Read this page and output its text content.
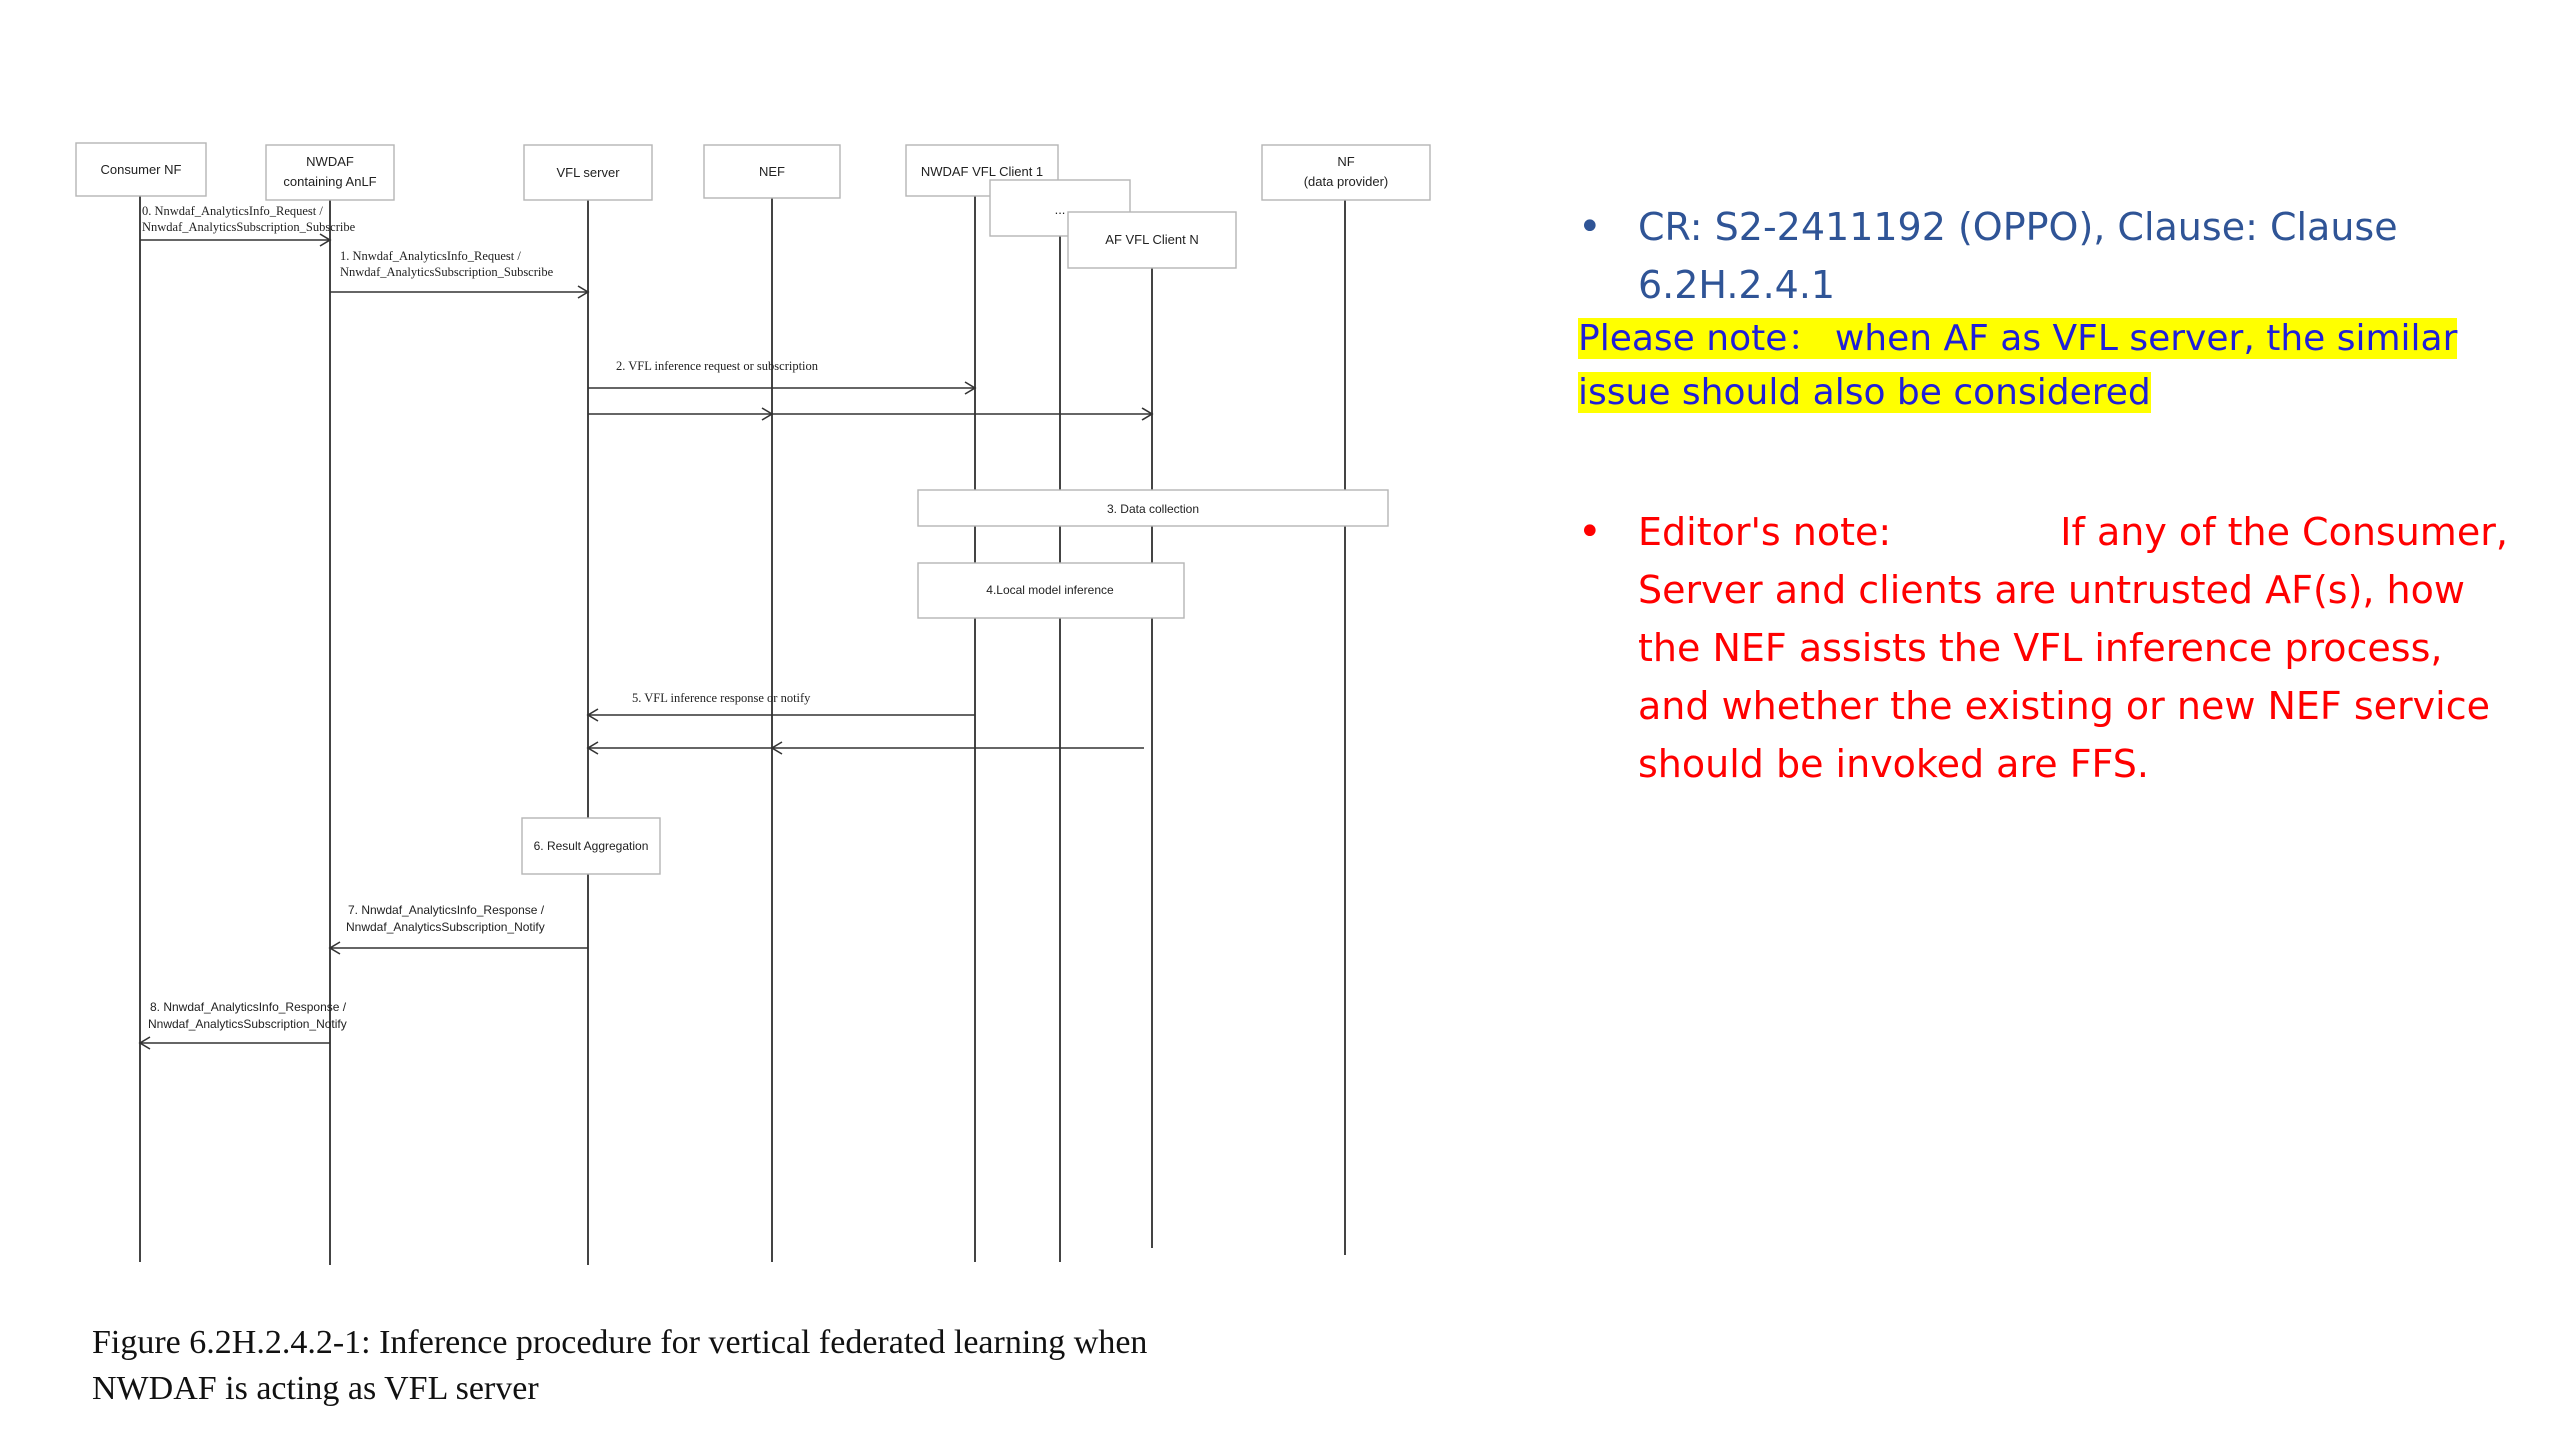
Consumer NF
NWDAF
containing AnLF
VFL server	NEF	NWDAF VFL Client 1
...
AF VFL Client N
NF
(data provider)
0. Nnwdaf_AnalyticsInfo_Request /
Nnwdaf_AnalyticsSubscription_Subscribe
1. Nnwdaf_AnalyticsInfo_Request /
Nnwdaf_AnalyticsSubscription_Subscribe
2. VFL inference request or subscription
3. Data collection
4.Local model inference
5. VFL inference response or notify
6. Result Aggregation
7. Nnwdaf_AnalyticsInfo_Response /
Nnwdaf_AnalyticsSubscription_Notify
8. Nnwdaf_AnalyticsInfo_Response /
Nnwdaf_AnalyticsSubscription_Notify
Figure 6.2H.2.4.2-1: Inference procedure for vertical federated learning when
NWDAF is acting as VFL server
• CR: S2-2411192 (OPPO), Clause: Clause 6.2H.2.4.1
Please note： when AF as VFL server, the similar
issue should also be considered
• Editor's note:              If any of the Consumer, Server and clients are untrusted AF(s), how the NEF assists the VFL inference process, and whether the existing or new NEF service should be invoked are FFS.
